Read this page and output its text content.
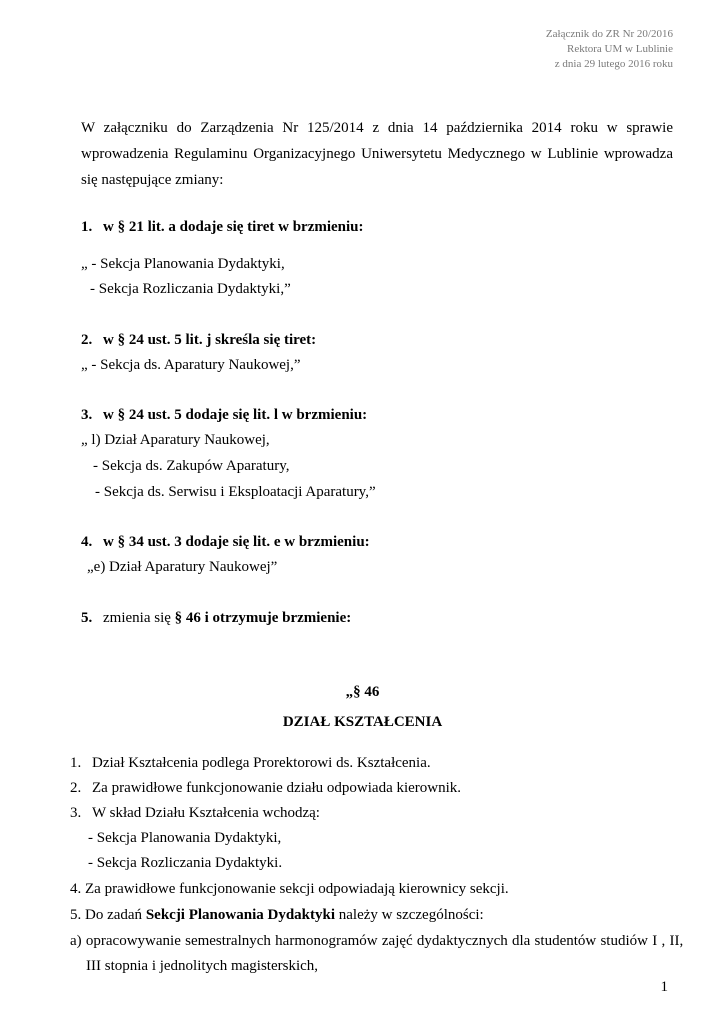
Załącznik do ZR Nr 20/2016
Rektora UM w Lublinie
z dnia 29 lutego 2016 roku
W załączniku do Zarządzenia Nr 125/2014 z dnia 14 października 2014 roku w sprawie wprowadzenia Regulaminu Organizacyjnego Uniwersytetu Medycznego w Lublinie wprowadza się następujące zmiany:
1. w § 21 lit. a dodaje się tiret w brzmieniu:
„ - Sekcja Planowania Dydaktyki,
- Sekcja Rozliczania Dydaktyki,”
2. w § 24 ust. 5 lit. j skreśla się tiret:
„ - Sekcja ds. Aparatury Naukowej,”
3. w § 24 ust. 5 dodaje się lit. l w brzmieniu:
„ l) Dział Aparatury Naukowej,
- Sekcja ds. Zakupów Aparatury,
- Sekcja ds. Serwisu i Eksploatacji Aparatury,”
4. w § 34 ust. 3 dodaje się lit. e w brzmieniu:
„e) Dział Aparatury Naukowej”
5. zmienia się § 46 i otrzymuje brzmienie:
„§ 46
DZIAŁ KSZTAŁCENIA
1. Dział Kształcenia podlega Prorektorowi ds. Kształcenia.
2. Za prawidłowe funkcjonowanie działu odpowiada kierownik.
3. W skład Działu Kształcenia wchodzą:
- Sekcja Planowania Dydaktyki,
- Sekcja Rozliczania Dydaktyki.
4. Za prawidłowe funkcjonowanie sekcji odpowiadają kierownicy sekcji.
5. Do zadań Sekcji Planowania Dydaktyki należy w szczególności:
a) opracowywanie semestralnych harmonogramów zajęć dydaktycznych dla studentów studiów I , II,
III stopnia i jednolitych magisterskich,
1
